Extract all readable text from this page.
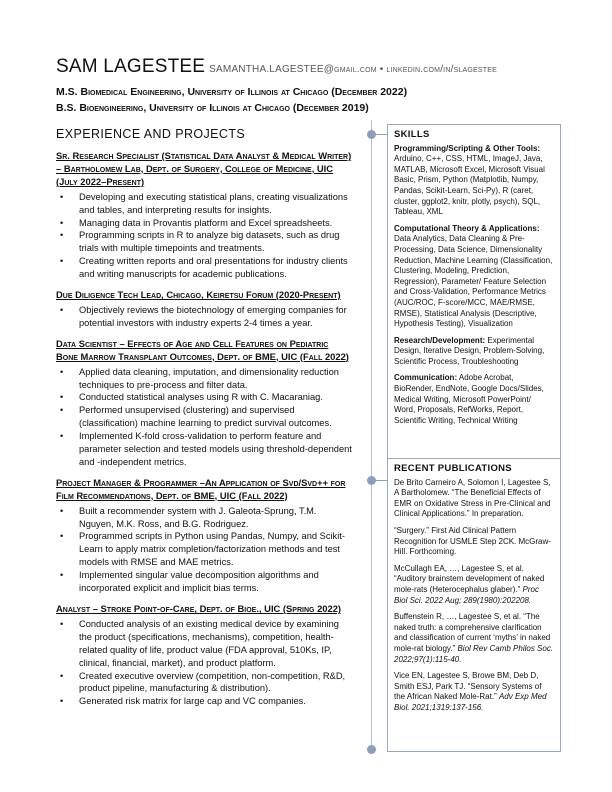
SAM LAGESTEE SAMANTHA.LAGESTEE@gmail.com • linkedin.com/in/slagestee
M.S. Biomedical Engineering, University of Illinois at Chicago (December 2022)
B.S. Bioengineering, University of Illinois at Chicago (December 2019)
EXPERIENCE AND PROJECTS
Sr. Research Specialist (Statistical Data Analyst & Medical Writer) – Bartholomew Lab, Dept. of Surgery, College of Medicine, UIC (July 2022–Present)
• Developing and executing statistical plans, creating visualizations and tables, and interpreting results for insights.
• Managing data in Provantis platform and Excel spreadsheets.
• Programming scripts in R to analyze big datasets, such as drug trials with multiple timepoints and treatments.
• Creating written reports and oral presentations for industry clients and writing manuscripts for academic publications.
Due Diligence Tech Lead, Chicago, Keiretsu Forum (2020-Present)
• Objectively reviews the biotechnology of emerging companies for potential investors with industry experts 2-4 times a year.
Data Scientist – Effects of Age and Cell Features on Pediatric Bone Marrow Transplant Outcomes, Dept. of BME, UIC (Fall 2022)
• Applied data cleaning, imputation, and dimensionality reduction techniques to pre-process and filter data.
• Conducted statistical analyses using R with C. Macaraniag.
• Performed unsupervised (clustering) and supervised (classification) machine learning to predict survival outcomes.
• Implemented K-fold cross-validation to perform feature and parameter selection and tested models using threshold-dependent and -independent metrics.
Project Manager & Programmer –An Application of Svd/Svd++ for Film Recommendations, Dept. of BME, UIC (Fall 2022)
• Built a recommender system with J. Galeota-Sprung, T.M. Nguyen, M.K. Ross, and B.G. Rodriguez.
• Programmed scripts in Python using Pandas, Numpy, and Scikit-Learn to apply matrix completion/factorization methods and test models with RMSE and MAE metrics.
• Implemented singular value decomposition algorithms and incorporated explicit and implicit bias terms.
Analyst – Stroke Point-of-Care, Dept. of Bioe., UIC (Spring 2022)
• Conducted analysis of an existing medical device by examining the product (specifications, mechanisms), competition, health-related quality of life, product value (FDA approval, 510Ks, IP, clinical, financial, market), and product platform.
• Created executive overview (competition, non-competition, R&D, product pipeline, manufacturing & distribution).
• Generated risk matrix for large cap and VC companies.
SKILLS
Programming/Scripting & Other Tools: Arduino, C++, CSS, HTML, ImageJ, Java, MATLAB, Microsoft Excel, Microsoft Visual Basic, Prism, Python (Matplotlib, Numpy, Pandas, Scikit-Learn, Sci-Py), R (caret, cluster, ggplot2, knitr, plotly, psych), SQL, Tableau, XML
Computational Theory & Applications: Data Analytics, Data Cleaning & Pre-Processing, Data Science, Dimensionality Reduction, Machine Learning (Classification, Clustering, Modeling, Prediction, Regression), Parameter/ Feature Selection and Cross-Validation, Performance Metrics (AUC/ROC, F-score/MCC, MAE/RMSE, RMSE), Statistical Analysis (Descriptive, Hypothesis Testing), Visualization
Research/Development: Experimental Design, Iterative Design, Problem-Solving, Scientific Process, Troubleshooting
Communication: Adobe Acrobat, BioRender, EndNote, Google Docs/Slides, Medical Writing, Microsoft PowerPoint/ Word, Proposals, RefWorks, Report, Scientific Writing, Technical Writing
RECENT PUBLICATIONS
De Brito Carneiro A, Solomon I, Lagestee S, A Bartholomew. “The Beneficial Effects of EMR on Oxidative Stress in Pre-Clinical and Clinical Applications.” In preparation.
“Surgery.” First Aid Clinical Pattern Recognition for USMLE Step 2CK. McGraw-Hill. Forthcoming.
McCullagh EA, …, Lagestee S, et al. “Auditory brainstem development of naked mole-rats (Heterocephalus glaber).” Proc Biol Sci. 2022 Aug; 289(1980):202208.
Buffenstein R, …, Lagestee S, et al. “The naked truth: a comprehensive clarification and classification of current ‘myths’ in naked mole-rat biology.” Biol Rev Camb Philos Soc. 2022;97(1):115-40.
Vice EN, Lagestee S, Browe BM, Deb D, Smith ESJ, Park TJ. “Sensory Systems of the African Naked Mole-Rat.” Adv Exp Med Biol. 2021;1319:137-156.
